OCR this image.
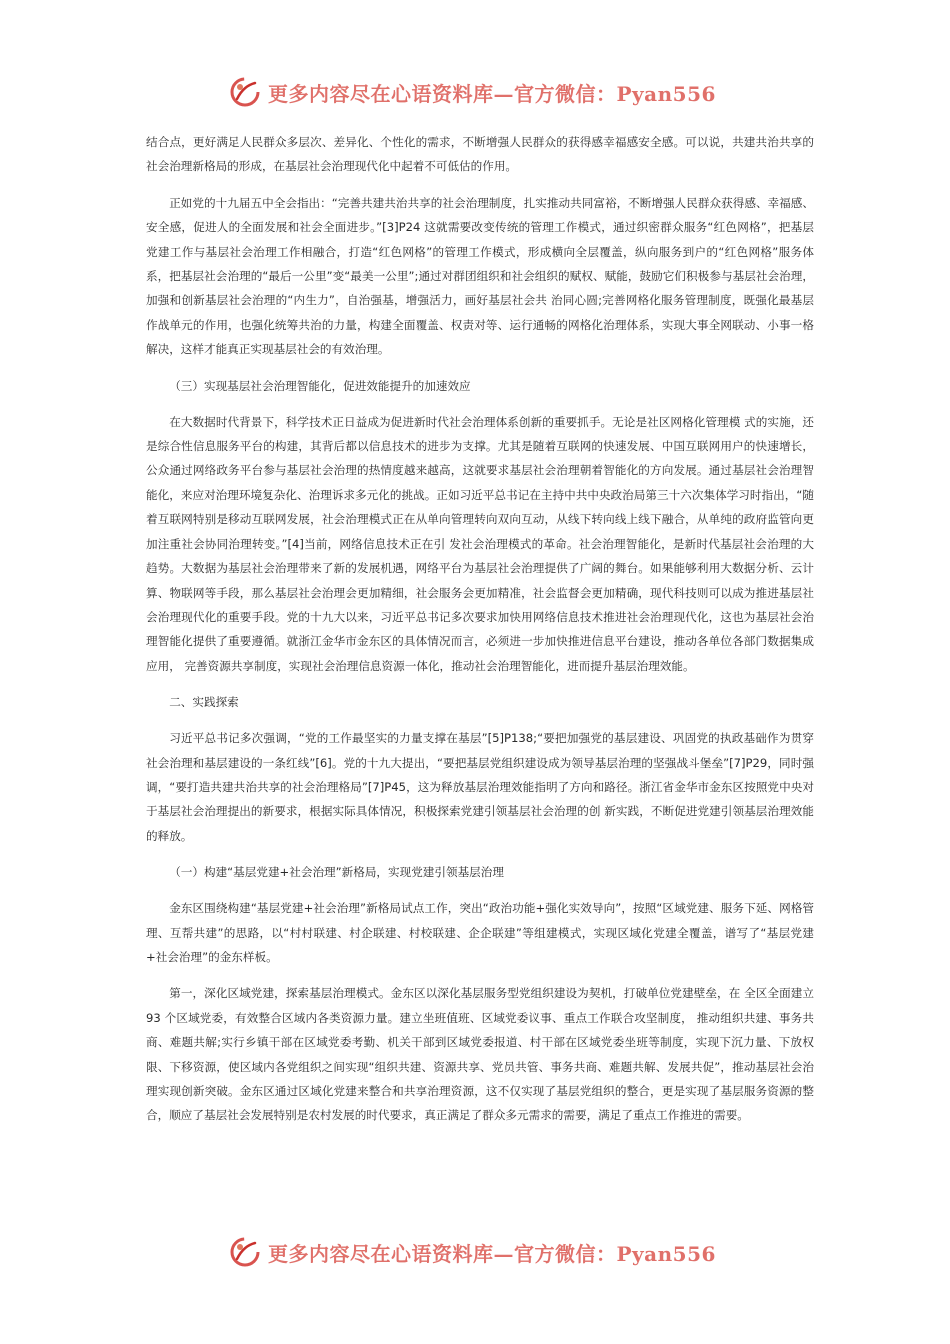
更多内容尽在心语资料库—官方微信：Pyan556

结合点，更好满足人民群众多层次、差异化、个性化的需求，不断增强人民群众的获得感幸福感安全感。可以说，共建共治共享的社会治理新格局的形成，在基层社会治理现代化中起着不可低估的作用。

正如党的十九届五中全会指出：“完善共建共治共享的社会治理制度，扎实推动共同富裕，不断增强人民群众获得感、幸福感、安全感，促进人的全面发展和社会全面进步。”[3]P24 这就需要改变传统的管理工作模式，通过织密群众服务“红色网格”，把基层党建工作与基层社会治理工作相融合，打造“红色网格”的管理工作模式，形成横向全层覆盖，纵向服务到户的“红色网格”服务体系，把基层社会治理的“最后一公里”变“最美一公里”;通过对群团组织和社会组织的赋权、赋能，鼓励它们积极参与基层社会治理，加强和创新基层社会治理的“内生力”，自治强基，增强活力，画好基层社会共 治同心圆;完善网格化服务管理制度，既强化最基层作战单元的作用，也强化统筹共治的力量，构建全面覆盖、权责对等、运行通畅的网格化治理体系，实现大事全网联动、小事一格解决，这样才能真正实现基层社会的有效治理。

（三）实现基层社会治理智能化，促进效能提升的加速效应

在大数据时代背景下，科学技术正日益成为促进新时代社会治理体系创新的重要抓手。无论是社区网格化管理模 式的实施，还是综合性信息服务平台的构建，其背后都以信息技术的进步为支撑。尤其是随着互联网的快速发展、中国互联网用户的快速增长，公众通过网络政务平台参与基层社会治理的热情度越来越高，这就要求基层社会治理朝着智能化的方向发展。通过基层社会治理智能化，来应对治理环境复杂化、治理诉求多元化的挑战。正如习近平总书记在主持中共中央政治局第三十六次集体学习时指出，“随着互联网特别是移动互联网发展，社会治理模式正在从单向管理转向双向互动，从线下转向线上线下融合，从单纯的政府监管向更加注重社会协同治理转变。”[4]当前，网络信息技术正在引 发社会治理模式的革命。社会治理智能化，是新时代基层社会治理的大趋势。大数据为基层社会治理带来了新的发展机遇，网络平台为基层社会治理提供了广阔的舞台。如果能够利用大数据分析、云计算、物联网等手段，那么基层社会治理会更加精细，社会服务会更加精准，社会监督会更加精确，现代科技则可以成为推进基层社会治理现代化的重要手段。党的十九大以来，习近平总书记多次要求加快用网络信息技术推进社会治理现代化，这也为基层社会治理智能化提供了重要遵循。就浙江金华市金东区的具体情况而言，必须进一步加快推进信息平台建设，推动各单位各部门数据集成应用， 完善资源共享制度，实现社会治理信息资源一体化，推动社会治理智能化，进而提升基层治理效能。

二、实践探索

习近平总书记多次强调，“党的工作最坚实的力量支撑在基层”[5]P138;“要把加强党的基层建设、巩固党的执政基础作为贯穿社会治理和基层建设的一条红线”[6]。党的十九大提出，“要把基层党组织建设成为领导基层治理的坚强战斗堡垒”[7]P29，同时强调，“要打造共建共治共享的社会治理格局”[7]P45，这为释放基层治理效能指明了方向和路径。浙江省金华市金东区按照党中央对于基层社会治理提出的新要求，根据实际具体情况，积极探索党建引领基层社会治理的创 新实践，不断促进党建引领基层治理效能的释放。

（一）构建“基层党建+社会治理”新格局，实现党建引领基层治理

金东区围绕构建“基层党建+社会治理”新格局试点工作，突出“政治功能+强化实效导向”，按照“区域党建、服务下延、网格管理、互帮共建”的思路，以“村村联建、村企联建、村校联建、企企联建”等组建模式，实现区域化党建全覆盖，谱写了“基层党建+社会治理”的金东样板。

第一，深化区域党建，探索基层治理模式。金东区以深化基层服务型党组织建设为契机，打破单位党建壁垒，在 全区全面建立 93 个区域党委，有效整合区域内各类资源力量。建立坐班值班、区域党委议事、重点工作联合攻坚制度， 推动组织共建、事务共商、难题共解;实行乡镇干部在区域党委考勤、机关干部到区域党委报道、村干部在区域党委坐班等制度，实现下沉力量、下放权限、下移资源，使区域内各党组织之间实现“组织共建、资源共享、党员共管、事务共商、难题共解、发展共促”，推动基层社会治理实现创新突破。金东区通过区域化党建来整合和共享治理资源，这不仅实现了基层党组织的整合，更是实现了基层服务资源的整合，顺应了基层社会发展特别是农村发展的时代要求，真正满足了群众多元需求的需要，满足了重点工作推进的需要。

更多内容尽在心语资料库—官方微信：Pyan556
